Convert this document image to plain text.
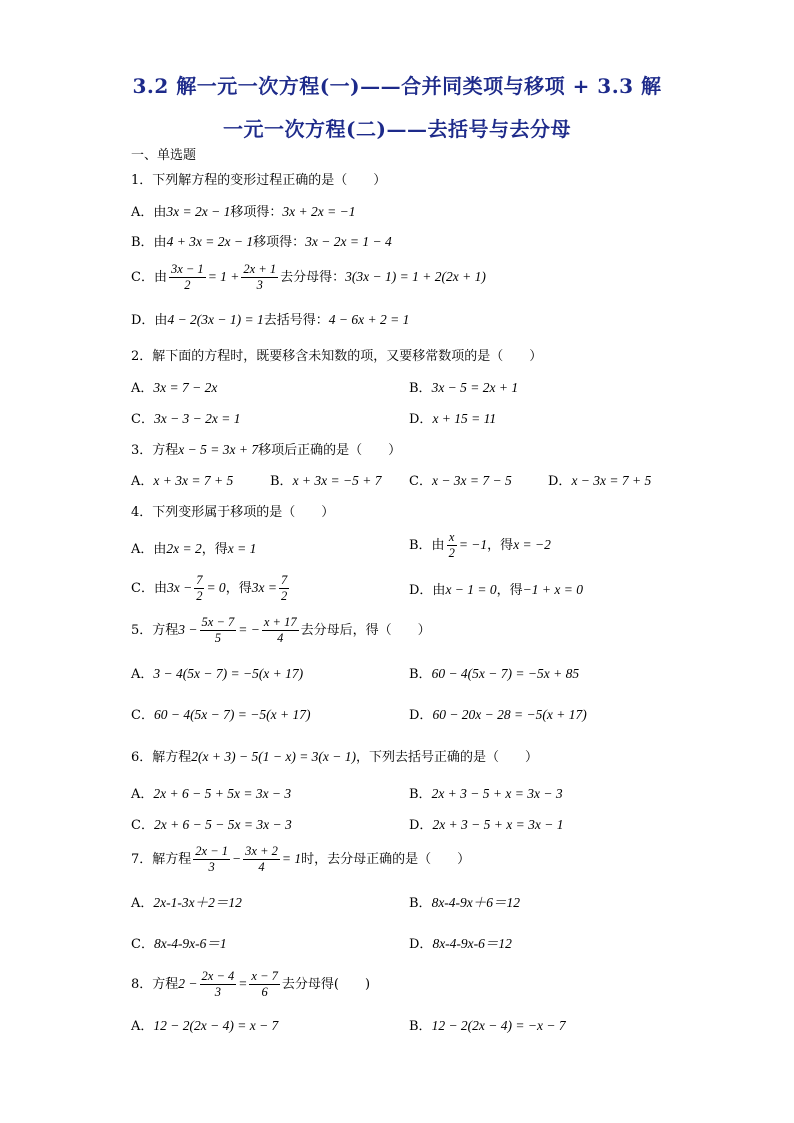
3.2 解一元一次方程(一)——合并同类项与移项 + 3.3 解
一元一次方程(二)——去括号与去分母
一、单选题
1．下列解方程的变形过程正确的是（　　）
A．由3x = 2x − 1移项得：3x + 2x = −1
B．由4 + 3x = 2x − 1移项得：3x − 2x = 1 − 4
C．由 $\frac{3x - 1}{2} = 1 + \frac{2x + 1}{3}$ 去分母得：3(3x − 1) = 1 + 2(2x + 1)
D．由4 − 2(3x − 1) = 1去括号得：4 − 6x + 2 = 1
2．解下面的方程时，既要移含未知数的项，又要移常数项的是（　　）
A．3x = 7 − 2x	B．3x − 5 = 2x + 1
C．3x − 3 − 2x = 1	D．x + 15 = 11
3．方程x − 5 = 3x + 7移项后正确的是（　　）
A．x + 3x = 7 + 5	B．x + 3x = −5 + 7 C．x − 3x = 7 − 5	D．x − 3x = 7 + 5
4．下列变形属于移项的是（　　）
A．由2x = 2，得x = 1	B．由 $\frac{x}{2} = -1$，得x = −2
C．由$3x - \frac{7}{2} = 0$，得$3x = \frac{7}{2}$	D．由x − 1 = 0，得−1 + x = 0
5．方程$3 - \frac{5x - 7}{5}$ = − $\frac{x + 17}{4}$ 去分母后，得（　　）
A．3 − 4(5x − 7) = −5(x + 17)	B．60 − 4(5x − 7) = −5x + 85
C．60 − 4(5x − 7) = −5(x + 17)	D．60 − 20x − 28 = −5(x + 17)
6．解方程2(x + 3) − 5(1 − x) = 3(x − 1)，下列去括号正确的是（　　）
A．2x + 6 − 5 + 5x = 3x − 3	B．2x + 3 − 5 + x = 3x − 3
C．2x + 6 − 5 − 5x = 3x − 3	D．2x + 3 − 5 + x = 3x − 1
7．解方程 $\frac{2x - 1}{3} - \frac{3x + 2}{4} = 1$时，去分母正确的是（　　）
A．2x-1-3x＋2＝12	B．8x-4-9x＋6＝12
C．8x-4-9x-6＝1	D．8x-4-9x-6＝12
8．方程$2 - \frac{2x - 4}{3} = \frac{x - 7}{6}$ 去分母得(　　)
A．12 − 2(2x − 4) = x − 7	B．12 − 2(2x − 4) = −x − 7
